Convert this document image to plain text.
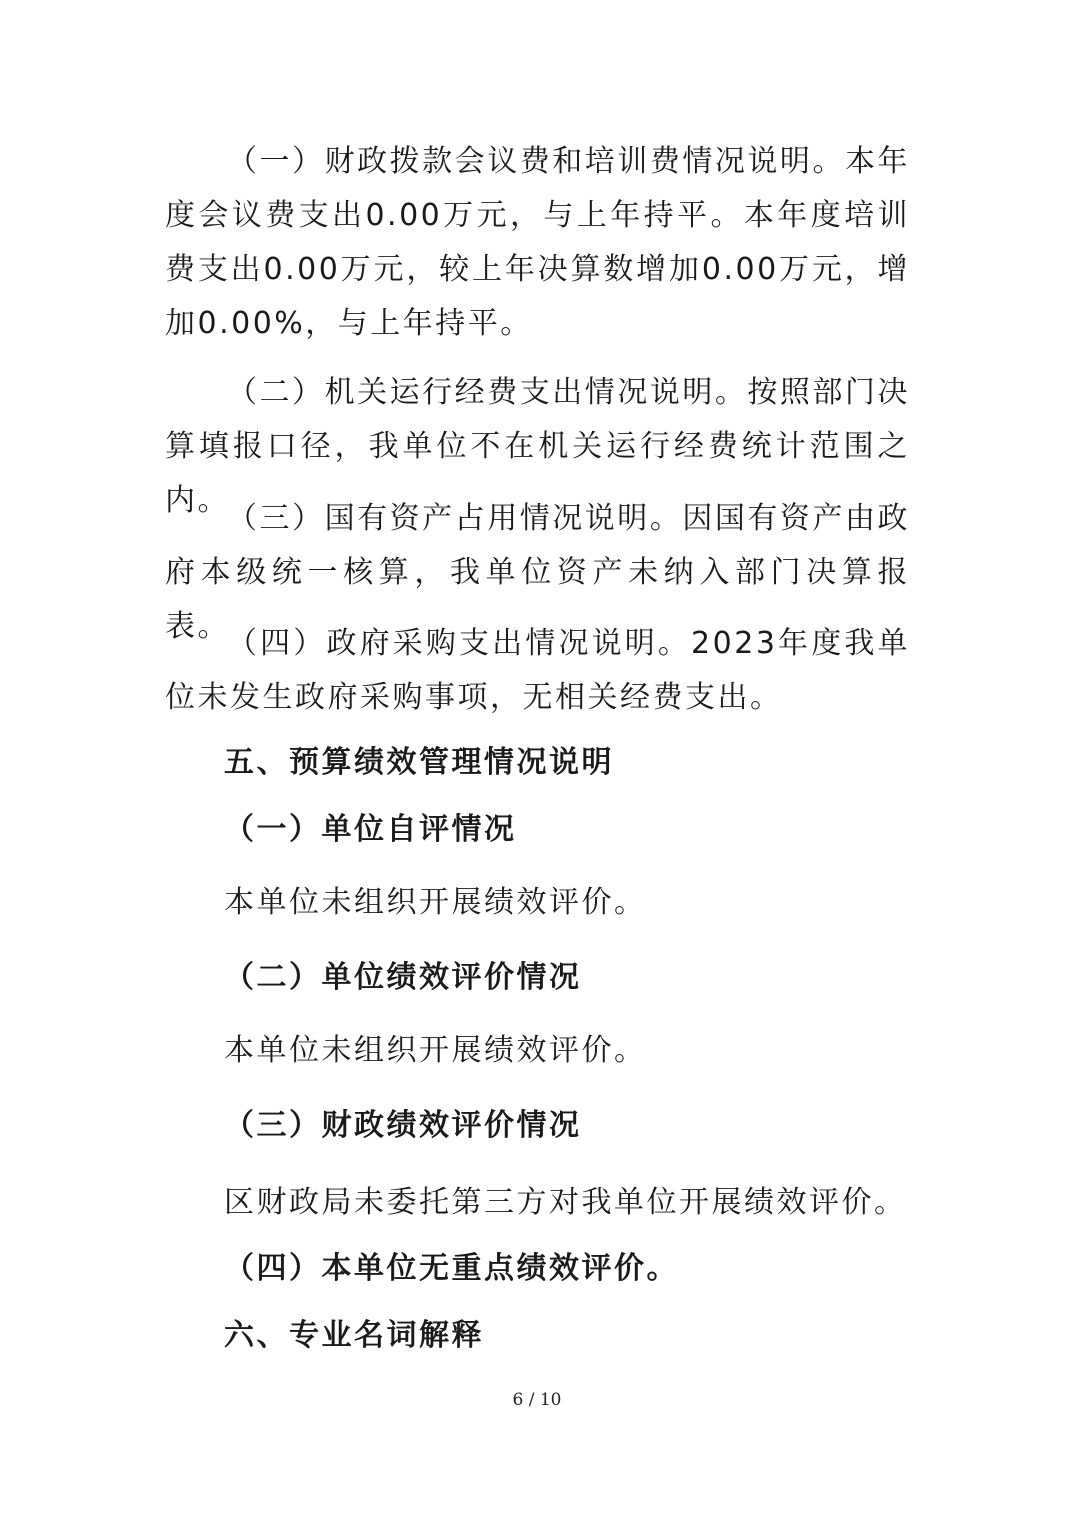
（一）财政拨款会议费和培训费情况说明。本年度会议费支出0.00万元，与上年持平。本年度培训费支出0.00万元，较上年决算数增加0.00万元，增加0.00%，与上年持平。

（二）机关运行经费支出情况说明。按照部门决算填报口径，我单位不在机关运行经费统计范围之内。

（三）国有资产占用情况说明。因国有资产由政府本级统一核算，我单位资产未纳入部门决算报表。

（四）政府采购支出情况说明。2023年度我单位未发生政府采购事项，无相关经费支出。

五、预算绩效管理情况说明
（一）单位自评情况

本单位未组织开展绩效评价。

（二）单位绩效评价情况

本单位未组织开展绩效评价。

（三）财政绩效评价情况

区财政局未委托第三方对我单位开展绩效评价。

（四）本单位无重点绩效评价。
六、专业名词解释
6 / 10
